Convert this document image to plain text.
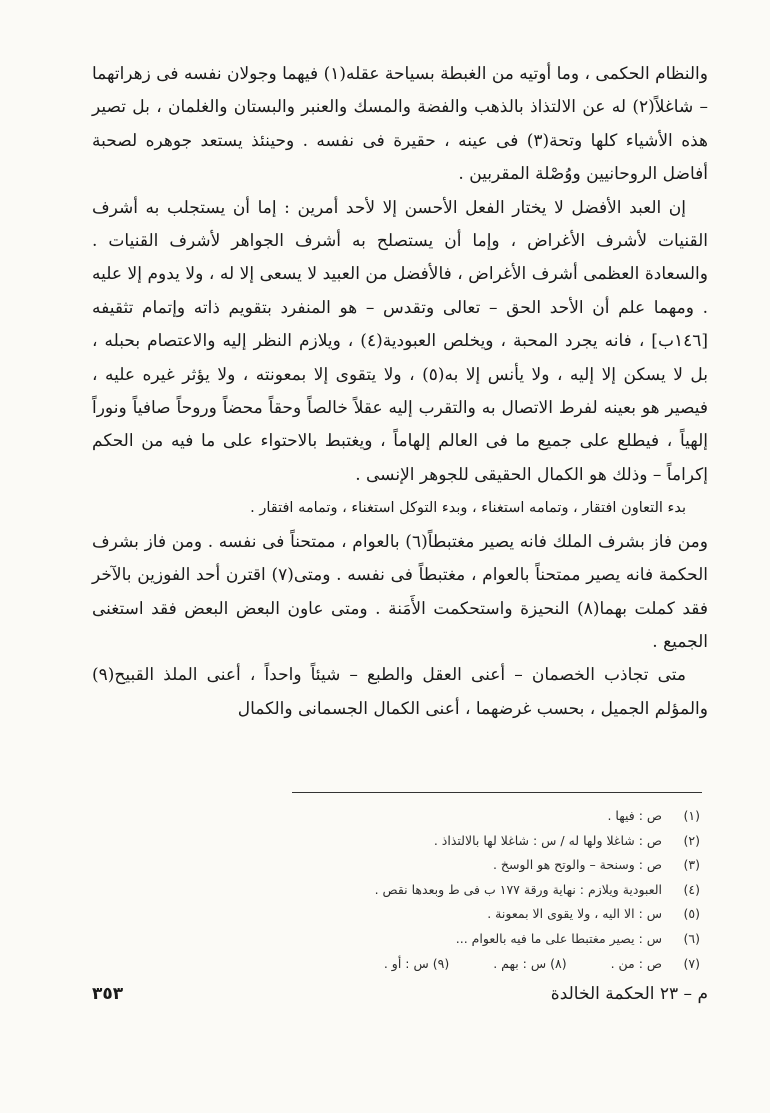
والنظام الحكمى ، وما أوتيه من الغبطة بسياحة عقله(١) فيهما وجولان نفسه فى زهراتهما – شاغلاً(٢) له عن الالتذاذ بالذهب والفضة والمسك والعنبر والبستان والغلمان ، بل تصير هذه الأشياء كلها وتحة(٣) فى عينه ، حقيرة فى نفسه . وحينئذ يستعد جوهره لصحبة أفاضل الروحانيين ووُصْلة المقربين .

إن العبد الأفضل لا يختار الفعل الأحسن إلا لأحد أمرين : إما أن يستجلب به أشرف القنيات لأشرف الأغراض ، وإما أن يستصلح به أشرف الجواهر لأشرف القنيات . والسعادة العظمى أشرف الأغراض ، فالأفضل من العبيد لا يسعى إلا له ، ولا يدوم إلا عليه . ومهما علم أن الأحد الحق – تعالى وتقدس – هو المنفرد بتقويم ذاته وإتمام تثقيفه [١٤٦ب] ، فانه يجرد المحبة ، ويخلص العبودية(٤) ، ويلازم النظر إليه والاعتصام بحبله ، بل لا يسكن إلا إليه ، ولا يأنس إلا به(٥) ، ولا يتقوى إلا بمعونته ، ولا يؤثر غيره عليه ، فيصير هو بعينه لفرط الاتصال به والتقرب إليه عقلاً خالصاً وحقاً محضاً وروحاً صافياً ونوراً إلهياً ، فيطلع على جميع ما فى العالم إلهاماً ، ويغتبط بالاحتواء على ما فيه من الحكم إكراماً – وذلك هو الكمال الحقيقى للجوهر الإنسى .

بدء التعاون افتقار ، وتمامه استغناء ، وبدء التوكل استغناء ، وتمامه افتقار .

ومن فاز بشرف الملك فانه يصير مغتبطاً(٦) بالعوام ، ممتحناً فى نفسه . ومن فاز بشرف الحكمة فانه يصير ممتحناً بالعوام ، مغتبطاً فى نفسه . ومتى(٧) اقترن أحد الفوزين بالآخر فقد كملت بهما(٨) النحيزة واستحكمت الأَمَنة . ومتى عاون البعض البعض فقد استغنى الجميع .

متى تجاذب الخصمان – أعنى العقل والطبع – شيئاً واحداً ، أعنى الملذ القبيح(٩) والمؤلم الجميل ، بحسب غرضهما ، أعنى الكمال الجسمانى والكمال

(١) ص : فيها .
(٢) ص : شاغلا ولها له / س : شاغلا لها بالالتذاذ .
(٣) ص : وسنحة – والوتح هو الوسخ .
(٤) العبودية ويلازم : نهاية ورقة ١٧٧ ب فى ط وبعدها نقص .
(٥) س : الا اليه ، ولا يقوى الا بمعونة .
(٦) س : يصير مغتبطا على ما فيه بالعوام ...
(٧) ص : من .  (٨) س : بهم .  (٩) س : أو .
٣٥٣	م – ٢٣ الحكمة الخالدة
